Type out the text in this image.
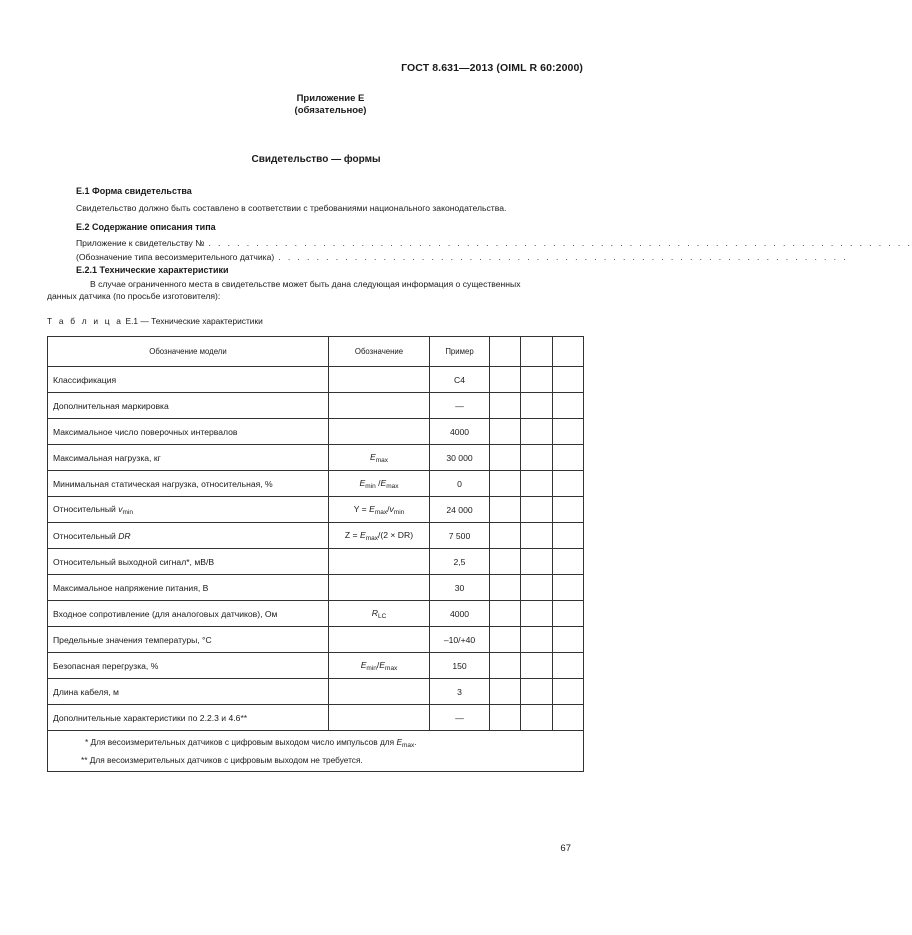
ГОСТ 8.631—2013 (OIML R 60:2000)
Приложение Е
(обязательное)
Свидетельство — формы
Е.1 Форма свидетельства
Свидетельство должно быть составлено в соответствии с требованиями национального законодательства.
Е.2 Содержание описания типа
Приложение к свидетельству № . . . . . . . . . . . . . . . . . . . . . . . . . . . . . . . . . . . . . . . . . . . . . . . . . . . . . . . . . . . . . . . . . . . . . . . . . .
(Обозначение типа весоизмерительного датчика) . . . . . . . . . . . . . . . . . . . . . . . . . . . . . . . . . . . . . . . . . . . . . . . . . . . . . . . . . . . .
Е.2.1 Технические характеристики
В случае ограниченного места в свидетельстве может быть дана следующая информация о существенных
данных датчика (по просьбе изготовителя):
Т а б л и ц а Е.1 — Технические характеристики
Обозначение модели	Обозначение	Пример			
Классификация		С4			
Дополнительная маркировка		—			
Максимальное число поверочных интервалов		4000			
Максимальная нагрузка, кг	$E_{max}$	30 000			
Минимальная статическая нагрузка, относительная, %	$E_{min}$ $/E_{max}$	0			
Относительный $v_{min}$	$Y = E_{max}/v_{min}$	24 000			
Относительный DR	$Z = E_{max}/(2 \times DR)$	7 500			
Относительный выходной сигнал*, мВ/В		2,5			
Максимальное напряжение питания, В		30			
Входное сопротивление (для аналоговых датчиков), Ом	$R_{LC}$	4000			
Предельные значения температуры, °С		–10/+40			
Безопасная перегрузка, %	$E_{min}/E_{max}$	150			
Длина кабеля, м		3			
Дополнительные характеристики по 2.2.3 и 4.6**		—			

* Для весоизмерительных датчиков с цифровым выходом число импульсов для $E_{max}$.
** Для весоизмерительных датчиков с цифровым выходом не требуется.					
67
